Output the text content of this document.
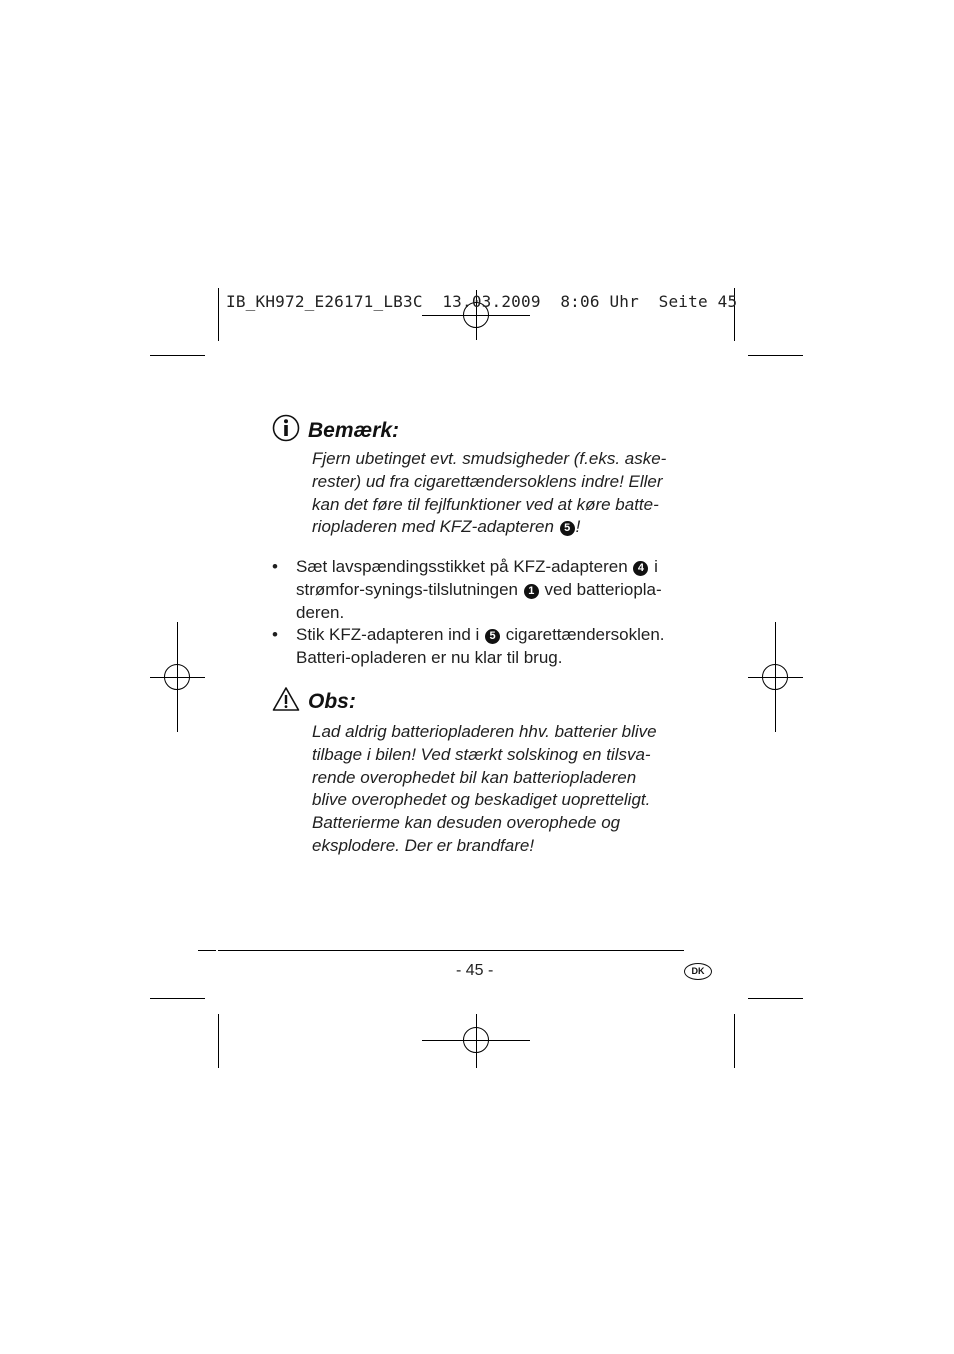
IB_KH972_E26171_LB3C  13.03.2009  8:06 Uhr  Seite 45
Bemærk:
Fjern ubetinget evt. smudsigheder (f.eks. aske-
rester) ud fra cigarettændersoklens indre! Eller
kan det føre til fejlfunktioner ved at køre batte-
riopladeren med KFZ-adapteren 5 !
•	Sæt lavspændingsstikket på KFZ-adapteren 4 i
strømfor-synings-tilslutningen 1 ved batteriopla-
deren.
•	Stik KFZ-adapteren ind i 5 cigarettændersoklen.
Batteri-opladeren er nu klar til brug.
Obs:
Lad aldrig batteriopladeren hhv. batterier blive
tilbage i bilen! Ved stærkt solskinog en tilsva-
rende overophedet bil kan batteriopladeren
blive overophedet og beskadiget uopretteligt.
Batterierme kan desuden overophede og
eksplodere. Der er brandfare!
- 45 -	DK
